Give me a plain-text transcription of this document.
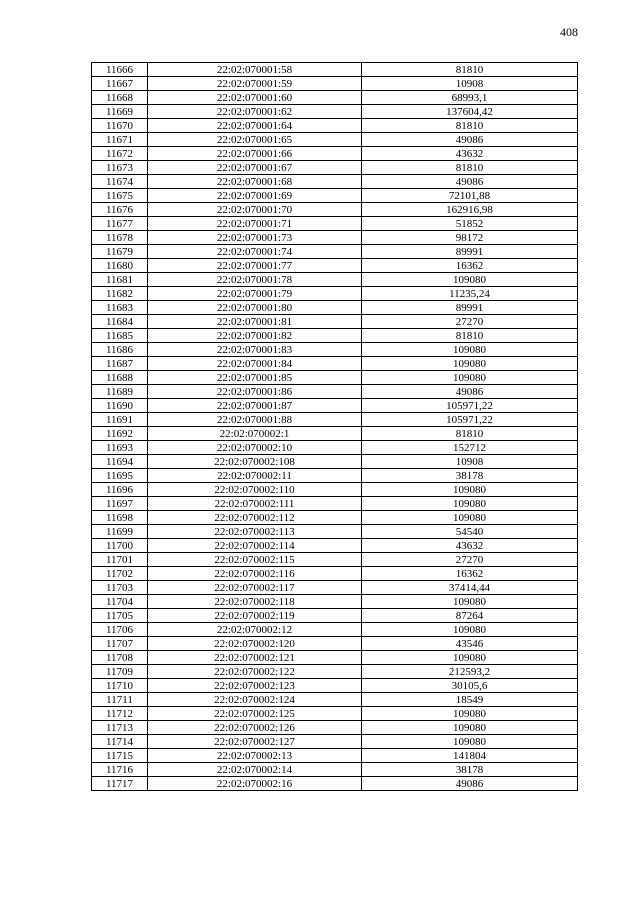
408
11666	22:02:070001:58	81810
11667	22:02:070001:59	10908
11668	22:02:070001:60	68993,1
11669	22:02:070001:62	137604,42
11670	22:02:070001:64	81810
11671	22:02:070001:65	49086
11672	22:02:070001:66	43632
11673	22:02:070001:67	81810
11674	22:02:070001:68	49086
11675	22:02:070001:69	72101,88
11676	22:02:070001:70	162916,98
11677	22:02:070001:71	51852
11678	22:02:070001:73	98172
11679	22:02:070001:74	89991
11680	22:02:070001:77	16362
11681	22:02:070001:78	109080
11682	22:02:070001:79	11235,24
11683	22:02:070001:80	89991
11684	22:02:070001:81	27270
11685	22:02:070001:82	81810
11686	22:02:070001:83	109080
11687	22:02:070001:84	109080
11688	22:02:070001:85	109080
11689	22:02:070001:86	49086
11690	22:02:070001:87	105971,22
11691	22:02:070001:88	105971,22
11692	22:02:070002:1	81810
11693	22:02:070002:10	152712
11694	22:02:070002:108	10908
11695	22:02:070002:11	38178
11696	22:02:070002:110	109080
11697	22:02:070002:111	109080
11698	22:02:070002:112	109080
11699	22:02:070002:113	54540
11700	22:02:070002:114	43632
11701	22:02:070002:115	27270
11702	22:02:070002:116	16362
11703	22:02:070002:117	37414,44
11704	22:02:070002:118	109080
11705	22:02:070002:119	87264
11706	22:02:070002:12	109080
11707	22:02:070002:120	43546
11708	22:02:070002:121	109080
11709	22:02:070002:122	212593,2
11710	22:02:070002:123	30105,6
11711	22:02:070002:124	18549
11712	22:02:070002:125	109080
11713	22:02:070002:126	109080
11714	22:02:070002:127	109080
11715	22:02:070002:13	141804
11716	22:02:070002:14	38178
11717	22:02:070002:16	49086
